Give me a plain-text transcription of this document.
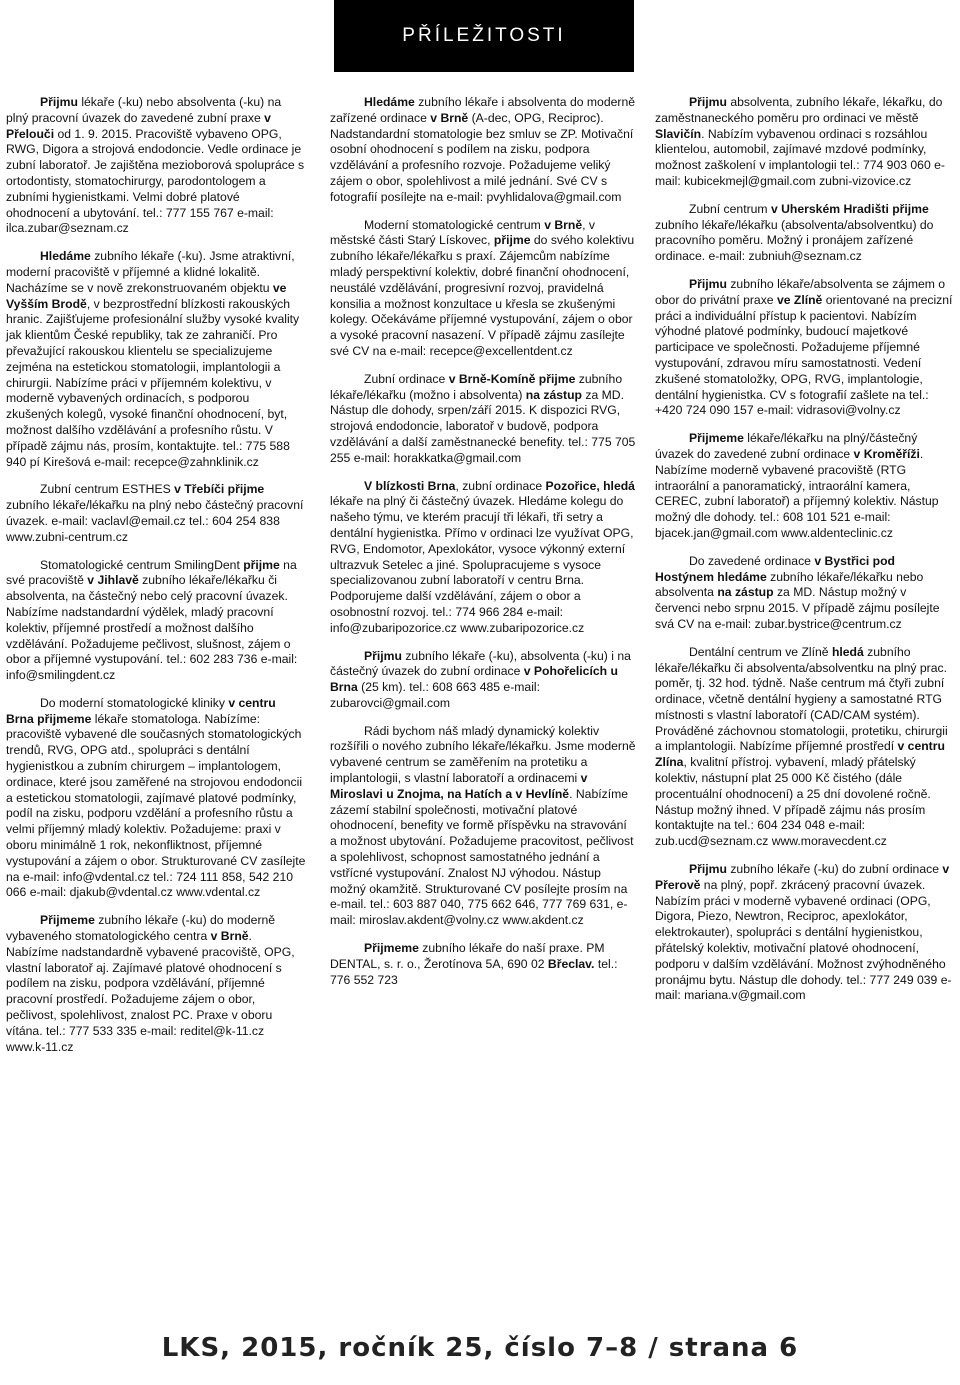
PŘÍLEŽITOSTI

Přijmu lékaře (-ku) nebo absolventa (-ku) na plný pracovní úvazek do zavedené zubní praxe v Přelouči od 1. 9. 2015. Pracoviště vybaveno OPG, RWG, Digora a strojová endodoncie. Vedle ordinace je zubní laboratoř. Je zajištěna mezioborová spolupráce s ortodontisty, stomatochirurgy, parodontologem a zubními hygienistkami. Velmi dobré platové ohodnocení a ubytování. tel.: 777 155 767 e-mail: ilca.zubar@seznam.cz

Hledáme zubního lékaře (-ku). Jsme atraktivní, moderní pracoviště v příjemné a klidné lokalitě. Nacházíme se v nově zrekonstruovaném objektu ve Vyšším Brodě, v bezprostřední blízkosti rakouských hranic. Zajišťujeme profesionální služby vysoké kvality jak klientům České republiky, tak ze zahraničí. Pro převažující rakouskou klientelu se specializujeme zejména na estetickou stomatologii, implantologii a chirurgii. Nabízíme práci v příjemném kolektivu, v moderně vybavených ordinacích, s podporou zkušených kolegů, vysoké finanční ohodnocení, byt, možnost dalšího vzdělávání a profesního růstu. V případě zájmu nás, prosím, kontaktujte. tel.: 775 588 940 pí Kirešová e-mail: recepce@zahnklinik.cz

Zubní centrum ESTHES v Třebíči přijme zubního lékaře/lékařku na plný nebo částečný pracovní úvazek. e-mail: vaclavl@email.cz tel.: 604 254 838 www.zubni-centrum.cz

Stomatologické centrum SmilingDent přijme na své pracoviště v Jihlavě zubního lékaře/lékařku či absolventa, na částečný nebo celý pracovní úvazek. Nabízíme nadstandardní výdělek, mladý pracovní kolektiv, příjemné prostředí a možnost dalšího vzdělávání. Požadujeme pečlivost, slušnost, zájem o obor a příjemné vystupování. tel.: 602 283 736 e-mail: info@smilingdent.cz

Do moderní stomatologické kliniky v centru Brna přijmeme lékaře stomatologa. Nabízíme: pracoviště vybavené dle současných stomatologických trendů, RVG, OPG atd., spolupráci s dentální hygienistkou a zubním chirurgem – implantologem, ordinace, které jsou zaměřené na strojovou endodoncii a estetickou stomatologii, zajímavé platové podmínky, podíl na zisku, podporu vzdělání a profesního růstu a velmi příjemný mladý kolektiv. Požadujeme: praxi v oboru minimálně 1 rok, nekonfliktnost, příjemné vystupování a zájem o obor. Strukturované CV zasílejte na e-mail: info@vdental.cz tel.: 724 111 858, 542 210 066 e-mail: djakub@vdental.cz www.vdental.cz

Přijmeme zubního lékaře (-ku) do moderně vybaveného stomatologického centra v Brně. Nabízíme nadstandardně vybavené pracoviště, OPG, vlastní laboratoř aj. Zajímavé platové ohodnocení s podílem na zisku, podpora vzdělávání, příjemné pracovní prostředí. Požadujeme zájem o obor, pečlivost, spolehlivost, znalost PC. Praxe v oboru vítána. tel.: 777 533 335 e-mail: reditel@k-11.cz www.k-11.cz

Hledáme zubního lékaře i absolventa do moderně zařízené ordinace v Brně (A-dec, OPG, Reciproc). Nadstandardní stomatologie bez smluv se ZP. Motivační osobní ohodnocení s podílem na zisku, podpora vzdělávání a profesního rozvoje. Požadujeme veliký zájem o obor, spolehlivost a milé jednání. Své CV s fotografií posílejte na e-mail: pvyhlidalova@gmail.com

Moderní stomatologické centrum v Brně, v městské části Starý Lískovec, přijme do svého kolektivu zubního lékaře/lékařku s praxí. Zájemcům nabízíme mladý perspektivní kolektiv, dobré finanční ohodnocení, neustálé vzdělávání, progresivní rozvoj, pravidelná konsilia a možnost konzultace u křesla se zkušenými kolegy. Očekáváme příjemné vystupování, zájem o obor a vysoké pracovní nasazení. V případě zájmu zasílejte své CV na e-mail: recepce@excellentdent.cz

Zubní ordinace v Brně-Komíně přijme zubního lékaře/lékařku (možno i absolventa) na zástup za MD. Nástup dle dohody, srpen/září 2015. K dispozici RVG, strojová endodoncie, laboratoř v budově, podpora vzdělávání a další zaměstnanecké benefity. tel.: 775 705 255 e-mail: horakkatka@gmail.com

V blízkosti Brna, zubní ordinace Pozořice, hledá lékaře na plný či částečný úvazek. Hledáme kolegu do našeho týmu, ve kterém pracují tři lékaři, tři setry a dentální hygienistka. Přímo v ordinaci lze využívat OPG, RVG, Endomotor, Apexlokátor, vysoce výkonný externí ultrazvuk Setelec a jiné. Spolupracujeme s vysoce specializovanou zubní laboratoří v centru Brna. Podporujeme další vzdělávání, zájem o obor a osobnostní rozvoj. tel.: 774 966 284 e-mail: info@zubaripozorice.cz www.zubaripozorice.cz

Přijmu zubního lékaře (-ku), absolventa (-ku) i na částečný úvazek do zubní ordinace v Pohořelicích u Brna (25 km). tel.: 608 663 485 e-mail: zubarovci@gmail.com

Rádi bychom náš mladý dynamický kolektiv rozšířili o nového zubního lékaře/lékařku. Jsme moderně vybavené centrum se zaměřením na protetiku a implantologii, s vlastní laboratoří a ordinacemi v Miroslavi u Znojma, na Hatích a v Hevlíně. Nabízíme zázemí stabilní společnosti, motivační platové ohodnocení, benefity ve formě příspěvku na stravování a možnost ubytování. Požadujeme pracovitost, pečlivost a spolehlivost, schopnost samostatného jednání a vstřícné vystupování. Znalost NJ výhodou. Nástup možný okamžitě. Strukturované CV posílejte prosím na e-mail. tel.: 603 887 040, 775 662 646, 777 769 631, e-mail: miroslav.akdent@volny.cz www.akdent.cz

Přijmeme zubního lékaře do naší praxe. PM DENTAL, s. r. o., Žerotínova 5A, 690 02 Břeclav. tel.: 776 552 723

Přijmu absolventa, zubního lékaře, lékařku, do zaměstnaneckého poměru pro ordinaci ve městě Slavičín. Nabízím vybavenou ordinaci s rozsáhlou klientelou, automobil, zajímavé mzdové podmínky, možnost zaškolení v implantologii tel.: 774 903 060 e-mail: kubicekmejl@gmail.com zubni-vizovice.cz

Zubní centrum v Uherském Hradišti přijme zubního lékaře/lékařku (absolventa/absolventku) do pracovního poměru. Možný i pronájem zařízené ordinace. e-mail: zubniuh@seznam.cz

Přijmu zubního lékaře/absolventa se zájmem o obor do privátní praxe ve Zlíně orientované na precizní práci a individuální přístup k pacientovi. Nabízím výhodné platové podmínky, budoucí majetkové participace ve společnosti. Požadujeme příjemné vystupování, zdravou míru samostatnosti. Vedení zkušené stomatoložky, OPG, RVG, implantologie, dentální hygienistka. CV s fotografií zašlete na tel.: +420 724 090 157 e-mail: vidrasovi@volny.cz

Přijmeme lékaře/lékařku na plný/částečný úvazek do zavedené zubní ordinace v Kroměříži. Nabízíme moderně vybavené pracoviště (RTG intraorální a panoramatický, intraorální kamera, CEREC, zubní laboratoř) a příjemný kolektiv. Nástup možný dle dohody. tel.: 608 101 521 e-mail: bjacek.jan@gmail.com www.aldenteclinic.cz

Do zavedené ordinace v Bystřici pod Hostýnem hledáme zubního lékaře/lékařku nebo absolventa na zástup za MD. Nástup možný v červenci nebo srpnu 2015. V případě zájmu posílejte svá CV na e-mail: zubar.bystrice@centrum.cz

Dentální centrum ve Zlíně hledá zubního lékaře/lékařku či absolventa/absolventku na plný prac. poměr, tj. 32 hod. týdně. Naše centrum má čtyři zubní ordinace, včetně dentální hygieny a samostatné RTG místnosti s vlastní laboratoří (CAD/CAM systém). Prováděné záchovnou stomatologii, protetiku, chirurgii a implantologii. Nabízíme příjemné prostředí v centru Zlína, kvalitní přístroj. vybavení, mladý přátelský kolektiv, nástupní plat 25 000 Kč čistého (dále procentuální ohodnocení) a 25 dní dovolené ročně. Nástup možný ihned. V případě zájmu nás prosím kontaktujte na tel.: 604 234 048 e-mail: zub.ucd@seznam.cz www.moravecdent.cz

Přijmu zubního lékaře (-ku) do zubní ordinace v Přerově na plný, popř. zkrácený pracovní úvazek. Nabízím práci v moderně vybavené ordinaci (OPG, Digora, Piezo, Newtron, Reciproc, apexlokátor, elektrokauter), spolupráci s dentální hygienistkou, přátelský kolektiv, motivační platové ohodnocení, podporu v dalším vzdělávání. Možnost zvýhodněného pronájmu bytu. Nástup dle dohody. tel.: 777 249 039 e-mail: mariana.v@gmail.com

LKS, 2015, ročník 25, číslo 7–8 / strana 6
